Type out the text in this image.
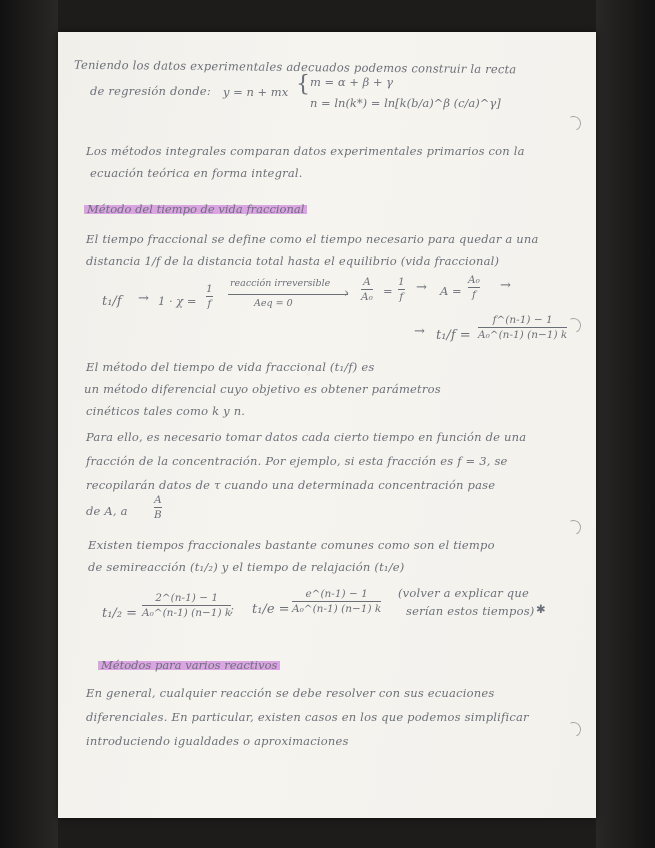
Teniendo los datos experimentales adecuados podemos construir la recta
de regresión donde: y = n + mx { m = α + β + γ
n = ln(k*) = ln[k(b/a)^β (c/a)^γ]
Los métodos integrales comparan datos experimentales primarios con la
ecuación teórica en forma integral.
Método del tiempo de vida fraccional
El tiempo fraccional se define como el tiempo necesario para quedar a una
distancia 1/f de la distancia total hasta el equilibrio (vida fraccional)
t₁/f → 1 · χ =
1
f
reacción irreversible
›
Aeq = 0
A
A₀ =
1
f
→ A =
A₀
f
→
→ t₁/f =
f^(n-1) − 1
A₀^(n-1) (n−1) k
El método del tiempo de vida fraccional (t₁/f) es
un método diferencial cuyo objetivo es obtener parámetros
cinéticos tales como k y n.
Para ello, es necesario tomar datos cada cierto tiempo en función de una
fracción de la concentración. Por ejemplo, si esta fracción es f = 3, se
recopilarán datos de τ cuando una determinada concentración pase
de A, a
A
B
Existen tiempos fraccionales bastante comunes como son el tiempo
de semireacción (t₁/₂) y el tiempo de relajación (t₁/e)
t₁/₂ =
2^(n-1) − 1
A₀^(n-1) (n−1) k
; t₁/e =
e^(n-1) − 1
A₀^(n-1) (n−1) k
(volver a explicar que
serían estos tiempos) ✱
Métodos para varios reactivos
En general, cualquier reacción se debe resolver con sus ecuaciones
diferenciales. En particular, existen casos en los que podemos simplificar
introduciendo igualdades o aproximaciones
